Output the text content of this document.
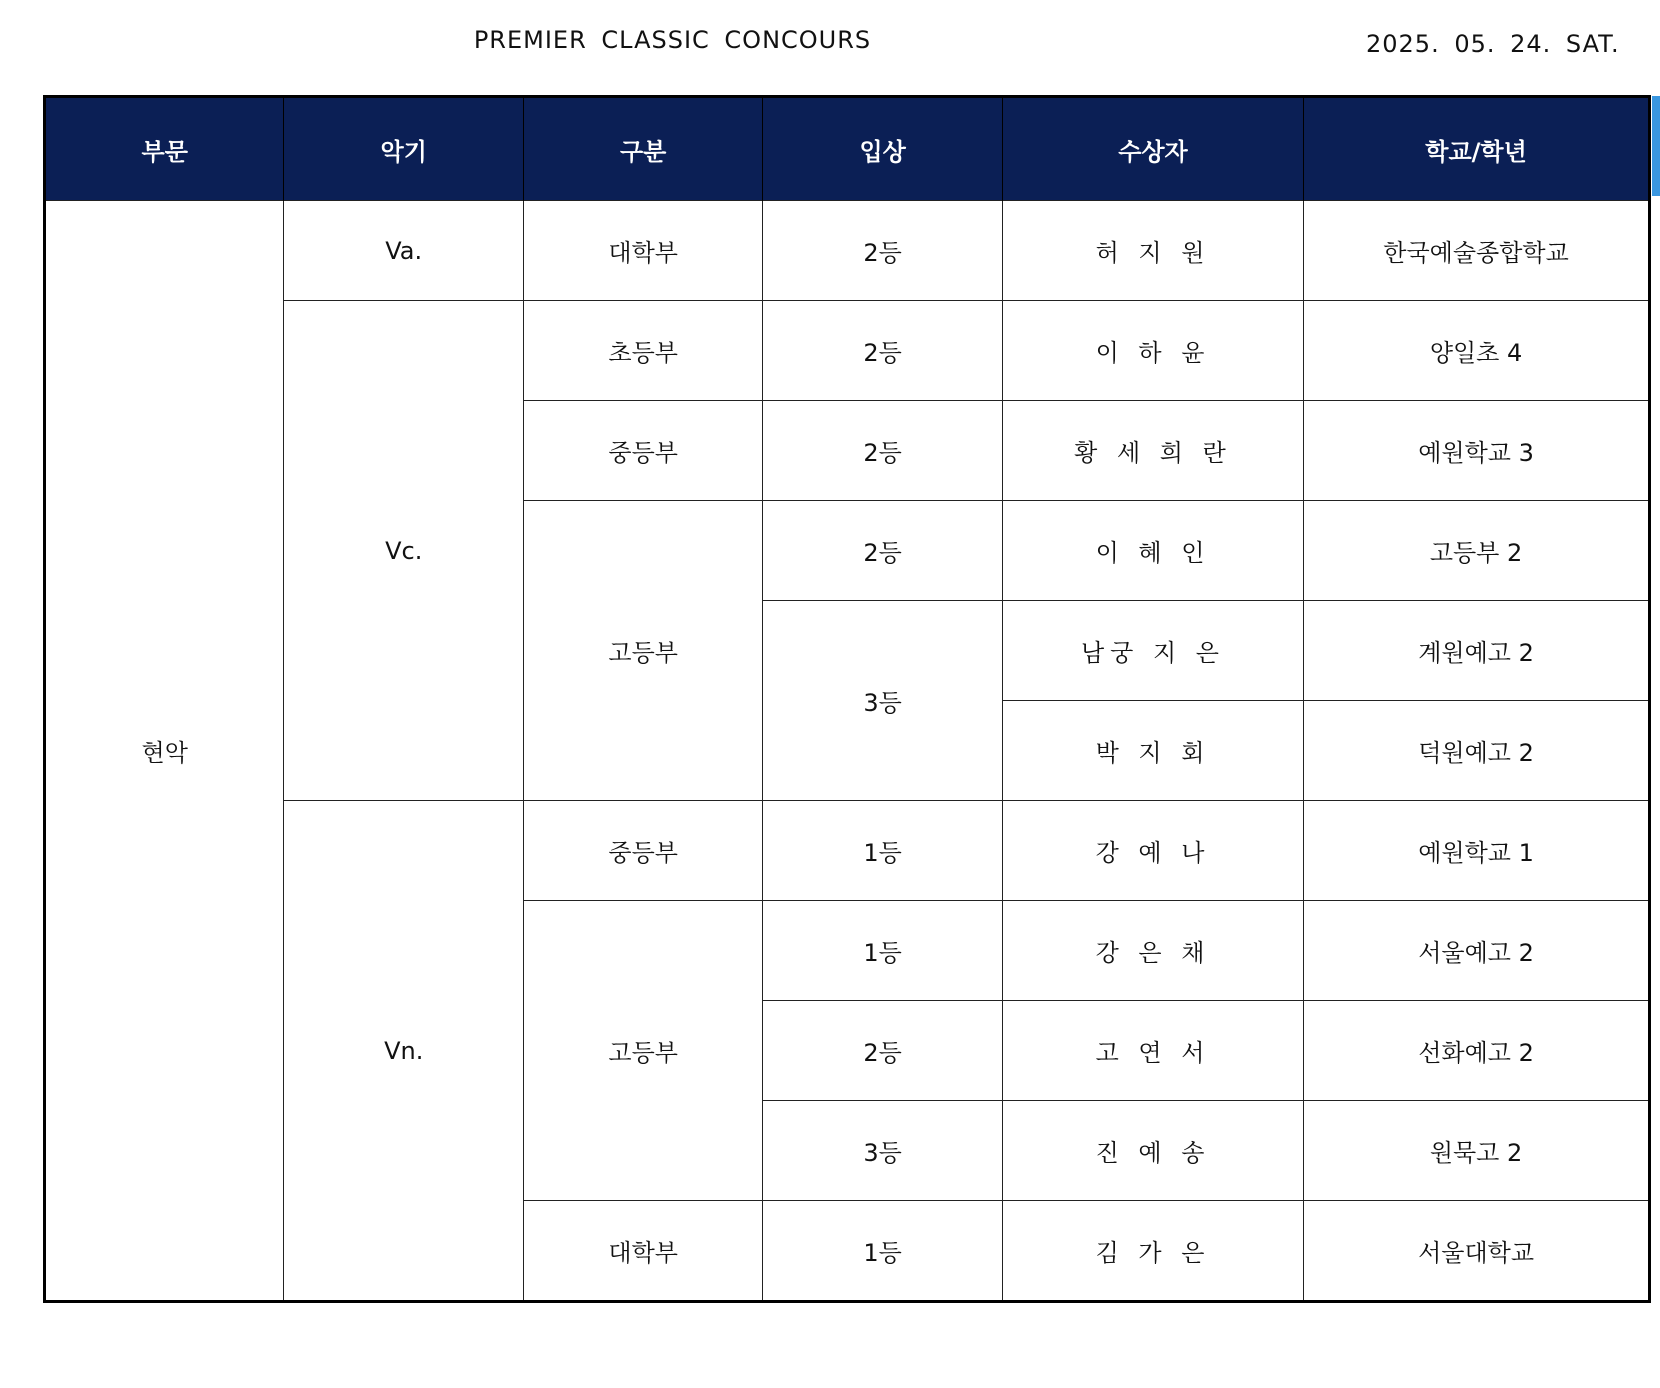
PREMIER CLASSIC CONCOURS	2025. 05. 24. SAT.
부문	악기	구분	입상	수상자	학교/학년
현악	Va.	대학부	2등	허 지 원	한국예술종합학교
	Vc.	초등부	2등	이 하 윤	양일초 4
		중등부	2등	황 세 희 란	예원학교 3
		고등부	2등	이 혜 인	고등부 2
			3등	남궁 지 은	계원예고 2
				박 지 회	덕원예고 2
	Vn.	중등부	1등	강 예 나	예원학교 1
		고등부	1등	강 은 채	서울예고 2
			2등	고 연 서	선화예고 2
			3등	진 예 송	원묵고 2
		대학부	1등	김 가 은	서울대학교
